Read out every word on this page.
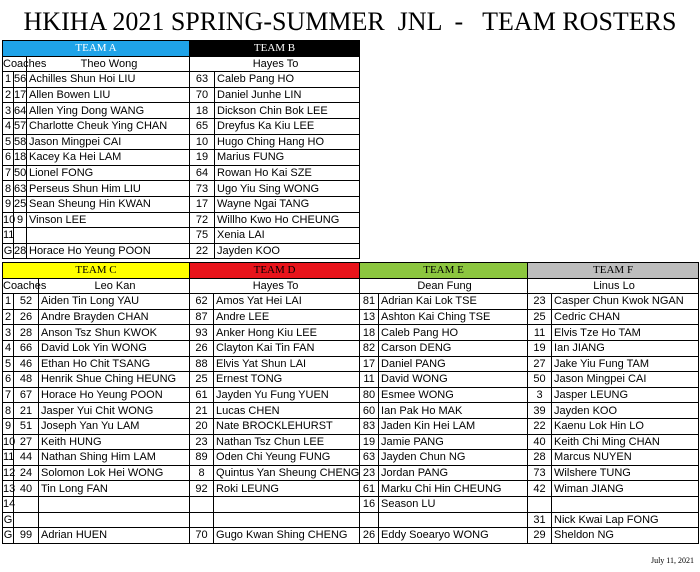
HKIHA 2021 SPRING-SUMMER  JNL  -   TEAM ROSTERS
TEAM A			TEAM B	
Coaches		Theo Wong	Hayes To	
1	56	Achilles Shun Hoi LIU	63	Caleb Pang HO
2	17	Allen Bowen LIU	70	Daniel Junhe LIN
3	64	Allen Ying Dong WANG	18	Dickson Chin Bok LEE
4	57	Charlotte Cheuk Ying CHAN	65	Dreyfus Ka Kiu LEE
5	58	Jason Mingpei CAI	10	Hugo Ching Hang HO
6	18	Kacey Ka Hei LAM	19	Marius FUNG
7	50	Lionel FONG	64	Rowan Ho Kai SZE
8	63	Perseus Shun Him LIU	73	Ugo Yiu Sing WONG
9	25	Sean Sheung Hin KWAN	17	Wayne Ngai TANG
10	9	Vinson LEE	72	Willho Kwo Ho CHEUNG
11			75	Xenia LAI
G	28	Horace Ho Yeung POON	22	Jayden KOO
TEAM C			TEAM D		TEAM E		TEAM F	
Coaches		Leo Kan	Hayes To		Dean Fung		Linus Lo	
1	52	Aiden Tin Long YAU	62	Amos Yat Hei LAI	81	Adrian Kai Lok TSE	23	Casper Chun Kwok NGAN
2	26	Andre Brayden CHAN	87	Andre LEE	13	Ashton Kai Ching TSE	25	Cedric CHAN
3	28	Anson Tsz Shun KWOK	93	Anker Hong Kiu LEE	18	Caleb Pang HO	11	Elvis Tze Ho TAM
4	66	David Lok Yin WONG	26	Clayton Kai Tin FAN	82	Carson DENG	19	Ian JIANG
5	46	Ethan Ho Chit TSANG	88	Elvis Yat Shun LAI	17	Daniel PANG	27	Jake Yiu Fung TAM
6	48	Henrik Shue Ching HEUNG	25	Ernest TONG	11	David WONG	50	Jason Mingpei CAI
7	67	Horace Ho Yeung POON	61	Jayden Yu Fung YUEN	80	Esmee WONG	3	Jasper LEUNG
8	21	Jasper Yui Chit WONG	21	Lucas CHEN	60	Ian Pak Ho MAK	39	Jayden KOO
9	51	Joseph Yan Yu LAM	20	Nate BROCKLEHURST	83	Jaden Kin Hei LAM	22	Kaenu Lok Hin LO
10	27	Keith HUNG	23	Nathan Tsz Chun LEE	19	Jamie PANG	40	Keith Chi Ming CHAN
11	44	Nathan Shing Him LAM	89	Oden Chi Yeung FUNG	63	Jayden Chun NG	28	Marcus NUYEN
12	24	Solomon Lok Hei WONG	8	Quintus Yan Sheung CHENG	23	Jordan PANG	73	Wilshere TUNG
13	40	Tin Long FAN	92	Roki LEUNG	61	Marku Chi Hin CHEUNG	42	Wiman JIANG
14					16	Season LU		
G							31	Nick Kwai Lap FONG
G	99	Adrian HUEN	70	Gugo Kwan Shing CHENG	26	Eddy Soearyo WONG	29	Sheldon NG
July 11, 2021
